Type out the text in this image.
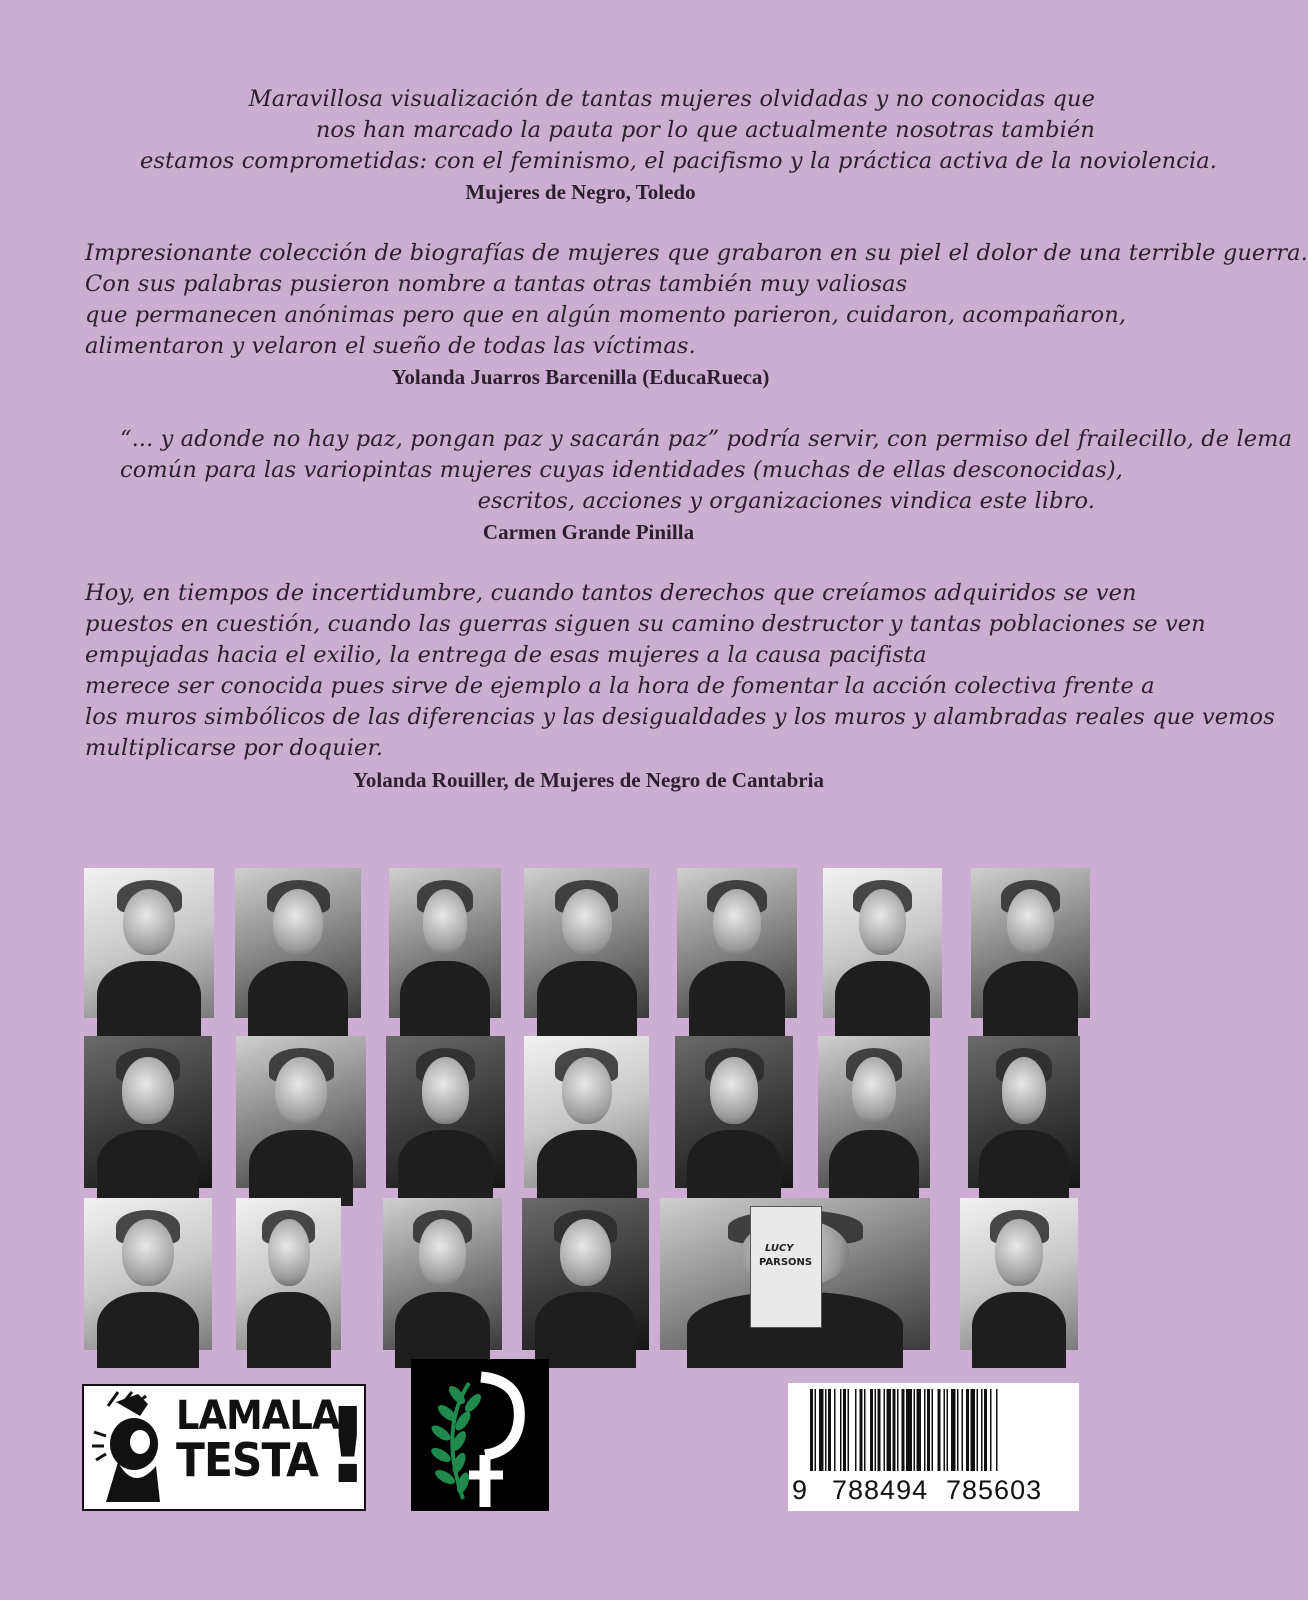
Maravillosa visualización de tantas mujeres olvidadas y no conocidas que
nos han marcado la pauta por lo que actualmente nosotras también
estamos comprometidas: con el feminismo, el pacifismo y la práctica activa de la noviolencia.
Mujeres de Negro, Toledo
Impresionante colección de biografías de mujeres que grabaron en su piel el dolor de una terrible guerra.
Con sus palabras pusieron nombre a tantas otras también muy valiosas
que permanecen anónimas pero que en algún momento parieron, cuidaron, acompañaron,
alimentaron y velaron el sueño de todas las víctimas.
Yolanda Juarros Barcenilla (EducaRueca)
“... y adonde no hay paz, pongan paz y sacarán paz” podría servir, con permiso del frailecillo, de lema
común para las variopintas mujeres cuyas identidades (muchas de ellas desconocidas),
escritos, acciones y organizaciones vindica este libro.
Carmen Grande Pinilla
Hoy, en tiempos de incertidumbre, cuando tantos derechos que creíamos adquiridos se ven
puestos en cuestión, cuando las guerras siguen su camino destructor y tantas poblaciones se ven
empujadas hacia el exilio, la entrega de esas mujeres a la causa pacifista
merece ser conocida pues sirve de ejemplo a la hora de fomentar la acción colectiva frente a
los muros simbólicos de las diferencias y las desigualdades y los muros y alambradas reales que vemos
multiplicarse por doquier.
Yolanda Rouiller, de Mujeres de Negro de Cantabria
LUCY
PARSONS
LAMALA-
TESTA !	9 788494 785603
